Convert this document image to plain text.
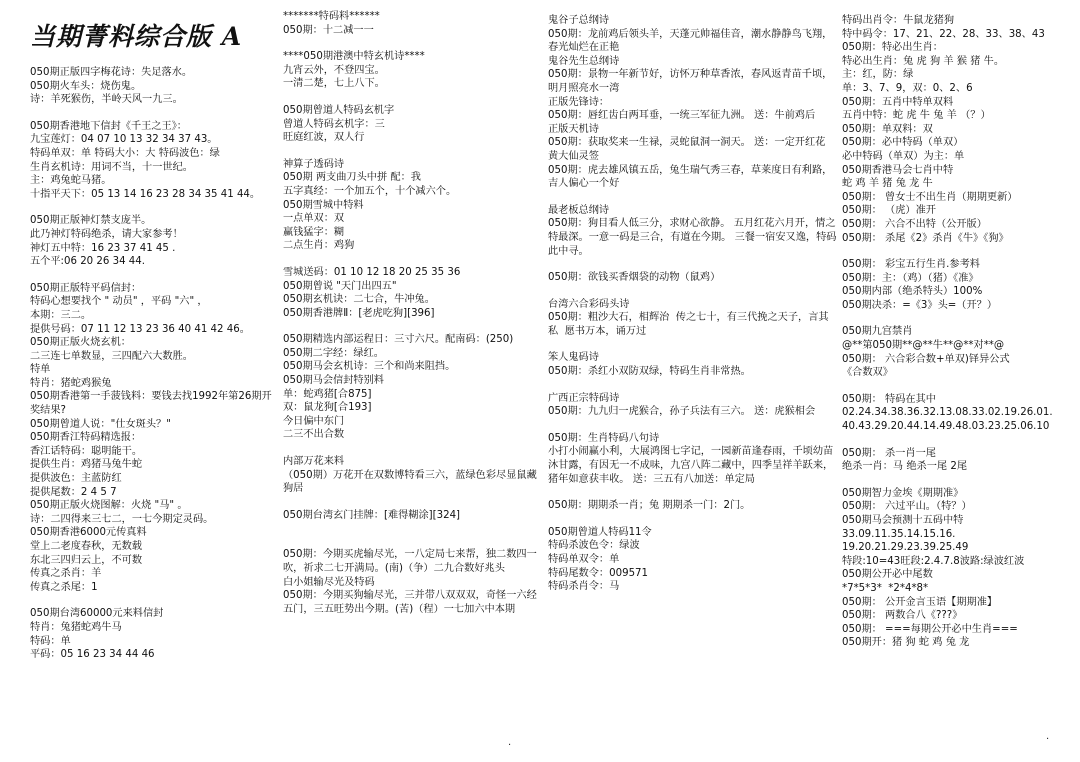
当期菁料综合版 A
050期正版四字梅花诗：失足落水。
050期火车头：烧伤鬼。
诗：羊死猴伤，半岭天风一九三。
050期香港地下信封《千王之王》：
九宝莲灯：04 07 10 13 32 34 37 43。
特码单双：单 特码大小：大 特码波色：绿
生肖玄机诗：用词不当，十一世纪。
主：鸡兔蛇马猪。
十指平天下：05 13 14 16 23 28 34 35 41 44。
050期正版神灯禁支庞半。
此乃神灯特码绝杀，请大家参考！
神灯五中特：16 23 37 41 45 .
五个平:06 20 26 34 44.
050期正版特平码信封：
特码心想要找个 " 动员" ，平码 "六" ，
本期：三二。
提供号码：07 11 12 13 23 36 40 41 42 46。
050期正版火烧玄机：
二三连七单数显，三四配六大数胜。
特单
特肖：猪蛇鸡猴兔
050期香港第一手菠钱料：要钱去找1992年第26期开奖结果?
050期曾道人说："仕女斑头？"
050期香江特码精选报：
香江话特码：聪明能干。
提供生肖：鸡猪马兔牛蛇
提供波色：主蓝防红
提供尾数：2 4 5 7
050期正版火烧图解：火烧 "马" 。
诗：二四得来三七二，一七今期定灵码。
050期香港6000元传真料
堂上二老度春秋，无数载
东北三四归云上，不可数
传真之杀肖：羊
传真之杀尾：1
050期台湾60000元来料信封
特肖：兔猪蛇鸡牛马
特码：单
平码：05 16 23 34 44 46
*******特码料******
050期：十二减一一
****050期港澳中特玄机诗****
九宵云外，不登四宝。
一清二楚，七上八下。
050期曾道人特码玄机字
曾道人特码玄机字：三
旺庭红波，双人行
神算子透码诗
050期 两支曲刀头中拼 配：我
五字真经：一个加五个，十个减六个。
050期雪城中特料
一点单双：双
赢钱猛字：糊
二点生肖：鸡狗
雪城送码：01 10 12 18 20 25 35 36
050期曾说 "天门出四五"
050期玄机诀：二七合，牛冲兔。
050期香港牌Ⅱ：[老虎吃狗][396]
050期精选内部运程日：三寸六尺。配南码：(250)
050期二字经：绿红。
050期马会玄机诗：三个和尚来阻挡。
050期马会信封特别料
单：蛇鸡猪[合875]
双：鼠龙狗[合193]
今日偏中东门
二三不出合数
内部万花来料
（050期）万花开在双数博特看三六，蓝绿色彩尽显鼠藏狗居
050期台湾玄门挂牌：[难得糊涂][324]
050期：今期买虎输尽光，一八定局七来帮，独二数四一吹，祈求二七开满局。(南)（争）二九合数好兆头
白小姐输尽光及特码
050期：今期买狗输尽光，三并带八双双双，奇怪一六经五门，三五旺势出今期。(苦)（程）一七加六中本期
鬼谷子总纲诗
050期：龙前鸡后领头羊，天蓬元帅福佳音，潮水静静鸟飞翔，春光灿烂在正艳
鬼谷先生总纲诗
050期：景物一年新节好，访怀万种草香浓，春风返青苗千顷，明月照亮水一湾
正版先锋诗：
050期：唇红齿白两耳垂，一统三军征九洲。 送：牛前鸡后
正版天机诗
050期：获取奖来一生禄，灵蛇鼠洞一洞天。 送：一定开红花
黄大仙灵签
050期：虎去雄风镇五岳，兔生瑞气秀三春，草莱度日有利路，吉人偏心一个好
最老板总纲诗
050期：狗目看人低三分，求财心欲静。 五月红花六月开，情之特最深。一意一码是三合，有道在今期。 三餐一宿安又逸，特码此中寻。
050期：欲钱买香烟袋的动物（鼠鸡）
台湾六合彩码头诗
050期：粗沙大石，相辉治  传之七十，有三代挽之天子，言其私  愿书万本，诵万过
笨人鬼码诗
050期：杀红小双防双绿，特码生肖非常热。
广西正宗特码诗
050期：九九归一虎猴合，孙子兵法有三六。 送：虎猴相会
050期：生肖特码八句诗
小打小闹赢小利，大展鸿图七字记，一园新苗逢春雨，千顷幼苗沐甘露，有因无一不成味，九宫八阵二藏中，四季呈祥羊跃来，猪年如意获丰收。 送：三五有八加送：单定局
050期：期期杀一肖；兔 期期杀一门：2门。
050期曾道人特码11令
特码杀波色令：绿波
特码单双令：单
特码尾数令：009571
特码杀肖令：马
特码出肖令：牛鼠龙猪狗
特中码令：17、21、22、28、33、38、43
050期：特必出生肖：
特必出生肖：兔 虎 狗 羊 猴 猪 牛。
主：红，防：绿
单：3、7、9，双：0、2、6
050期：五肖中特单双料
五肖中特：蛇 虎 牛 兔 羊 （？）
050期：单双料：双
050期：必中特码（单双）
必中特码（单双）为主：单
050期香港马会七肖中特
蛇 鸡 羊 猪 兔 龙 牛
050期： 曾女士不出生肖（期期更新）
050期： （虎）准开
050期： 六合不出特（公开版）
050期： 杀尾《2》杀肖《牛》《狗》
050期： 彩宝五行生肖.参考料
050期：主：（鸡）（猪）《准》
050期内部（绝杀特头）100%
050期决杀：=《3》头=（开？）
050期九宫禁肖
@**第050期**@**牛**@**对**@
050期： 六合彩合数+单双)铎异公式
《合数双》
050期： 特码在其中
02.24.34.38.36.32.13.08.33.02.19.26.01.
40.43.29.20.44.14.49.48.03.23.25.06.10
050期： 杀一肖一尾
绝杀一肖：马 绝杀一尾 2尾
050期智力金埃《期期准》
050期： 六过平山。（特？）
050期马会预测十五码中特
33.09.11.35.14.15.16.
19.20.21.29.23.39.25.49
特段:10=43旺段:2.4.7.8波路:绿波红波
050期公开必中尾数
*7*5*3*  *2*4*8*
050期： 公开金言玉语【期期准】
050期： 两数合八《???》
050期： ===每期公开必中生肖===
050期开：猪 狗 蛇 鸡 兔 龙
·
·
